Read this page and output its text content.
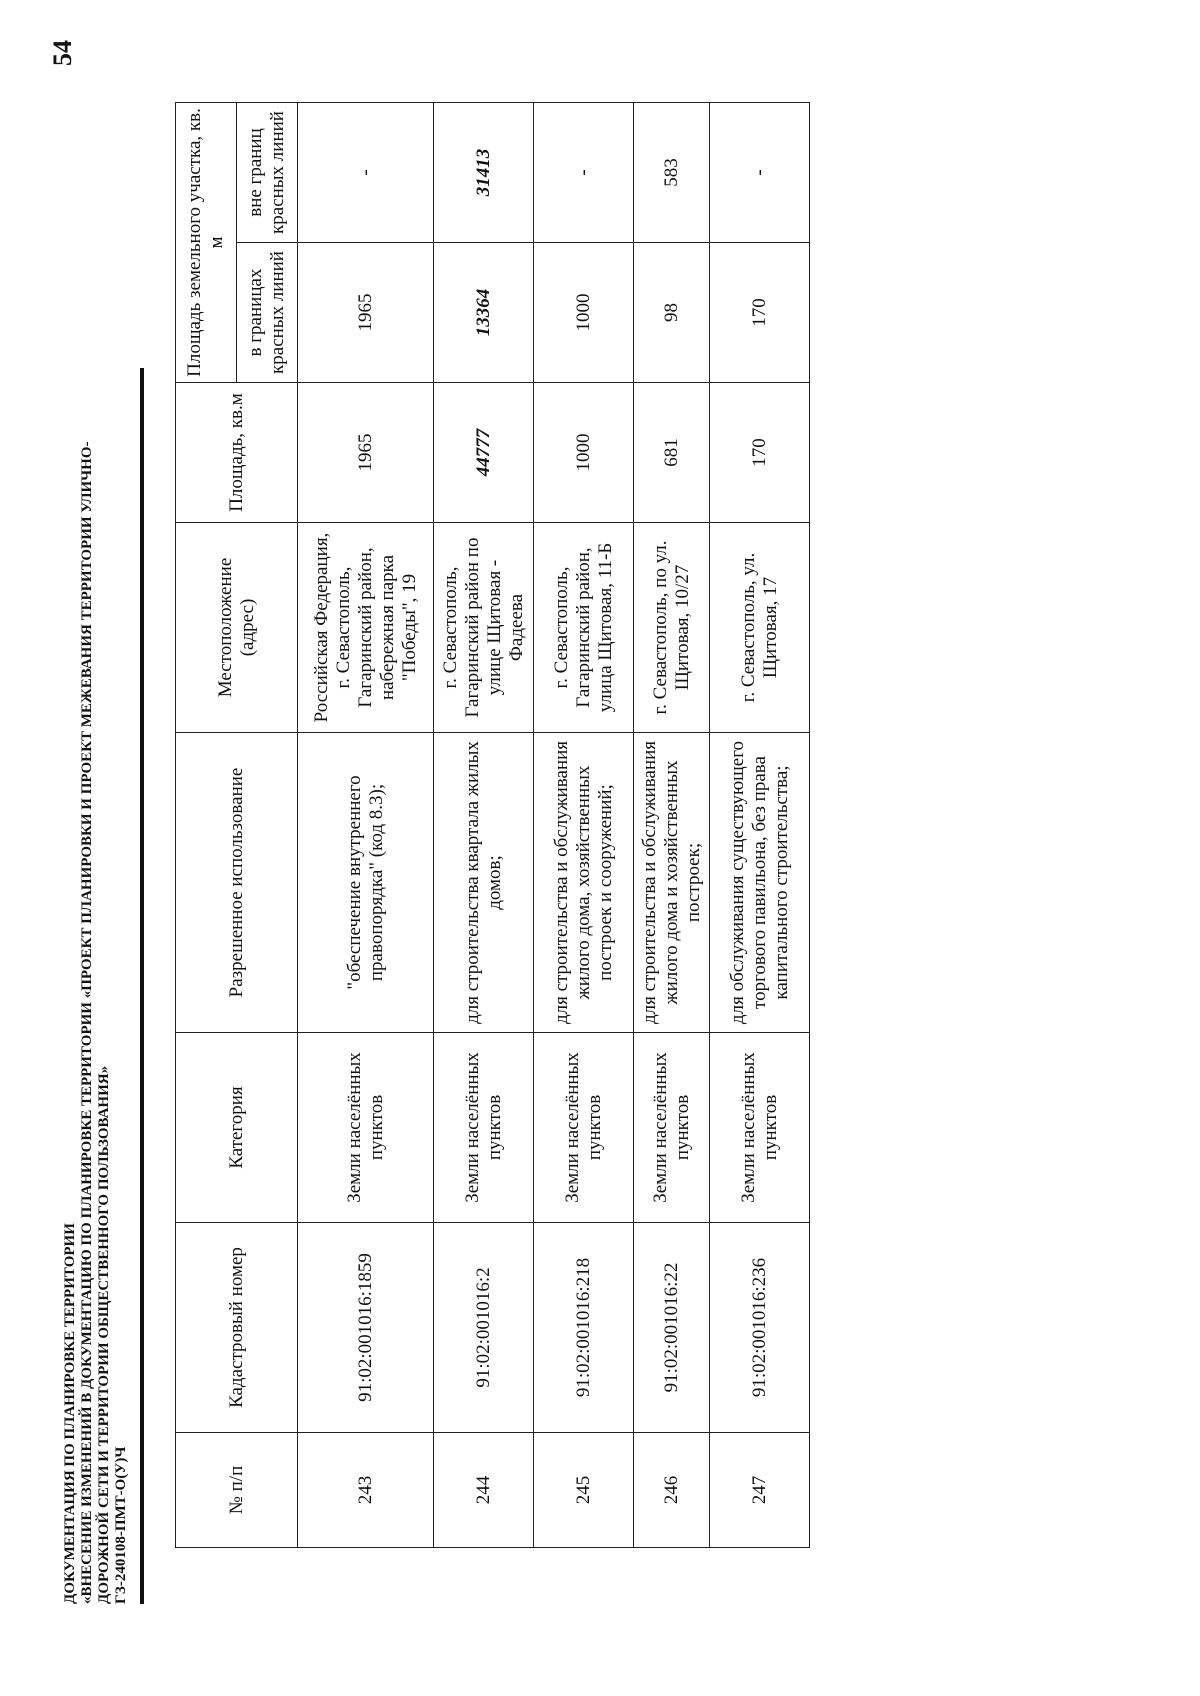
54
ДОКУМЕНТАЦИЯ ПО ПЛАНИРОВКЕ ТЕРРИТОРИИ «ВНЕСЕНИЕ ИЗМЕНЕНИЙ В ДОКУМЕНТАЦИЮ ПО ПЛАНИРОВКЕ ТЕРРИТОРИИ «ПРОЕКТ ПЛАНИРОВКИ И ПРОЕКТ МЕЖЕВАНИЯ ТЕРРИТОРИИ УЛИЧНО- ДОРОЖНОЙ СЕТИ И ТЕРРИТОРИИ ОБЩЕСТВЕННОГО ПОЛЬЗОВАНИЯ» ГЗ-240108-ПМТ-О(У)Ч	№ п/п	Кадастровый номер	Категория	Разрешенное использование	Местоположение (адрес)	Площадь, кв.м	Площадь земельного участка, кв. м	
						в границах красных линий	вне границ красных линий
243	91:02:001016:1859	Земли населённых пунктов	"обеспечение внутреннего правопорядка" (код 8.3);	Российская Федерация, г. Севастополь, Гагаринский район, набережная парка "Победы", 19	1965	1965	-
244	91:02:001016:2	Земли населённых пунктов	для строительства квартала жилых домов;	г. Севастополь, Гагаринский район по улице Щитовая - Фадеева	44777	13364	31413
245	91:02:001016:218	Земли населённых пунктов	для строительства и обслуживания жилого дома, хозяйственных построек и сооружений;	г. Севастополь, Гагаринский район, улица Щитовая, 11-Б	1000	1000	-
246	91:02:001016:22	Земли населённых пунктов	для строительства и обслуживания жилого дома и хозяйственных построек;	г. Севастополь, по ул. Щитовая, 10/27	681	98	583
247	91:02:001016:236	Земли населённых пунктов	для обслуживания существующего торгового павильона, без права капитального строительства;	г. Севастополь, ул. Щитовая, 17	170	170	-
